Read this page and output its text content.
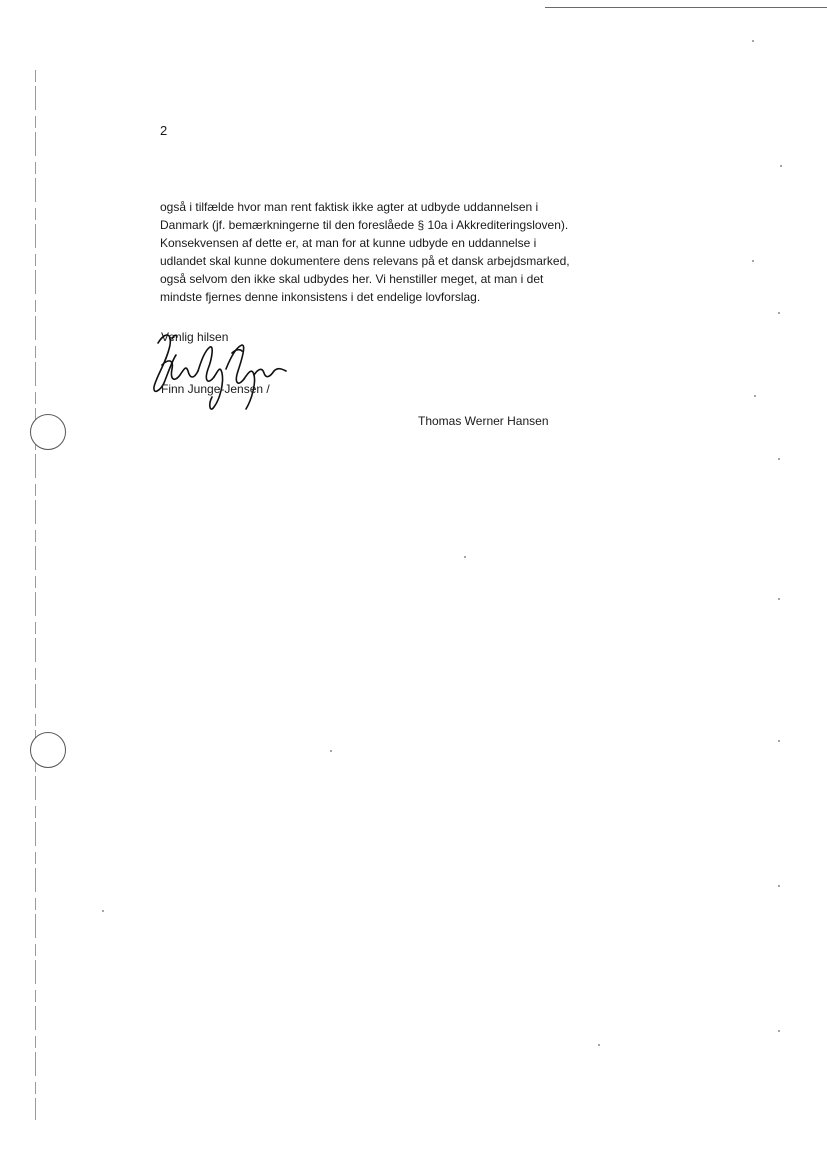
2
også i tilfælde hvor man rent faktisk ikke agter at udbyde uddannelsen i
Danmark (jf. bemærkningerne til den foreslåede § 10a i Akkrediteringsloven).
Konsekvensen af dette er, at man for at kunne udbyde en uddannelse i
udlandet skal kunne dokumentere dens relevans på et dansk arbejdsmarked,
også selvom den ikke skal udbydes her. Vi henstiller meget, at man i det
mindste fjernes denne inkonsistens i det endelige lovforslag.
Venlig hilsen
Finn Junge-Jensen /
Thomas Werner Hansen
